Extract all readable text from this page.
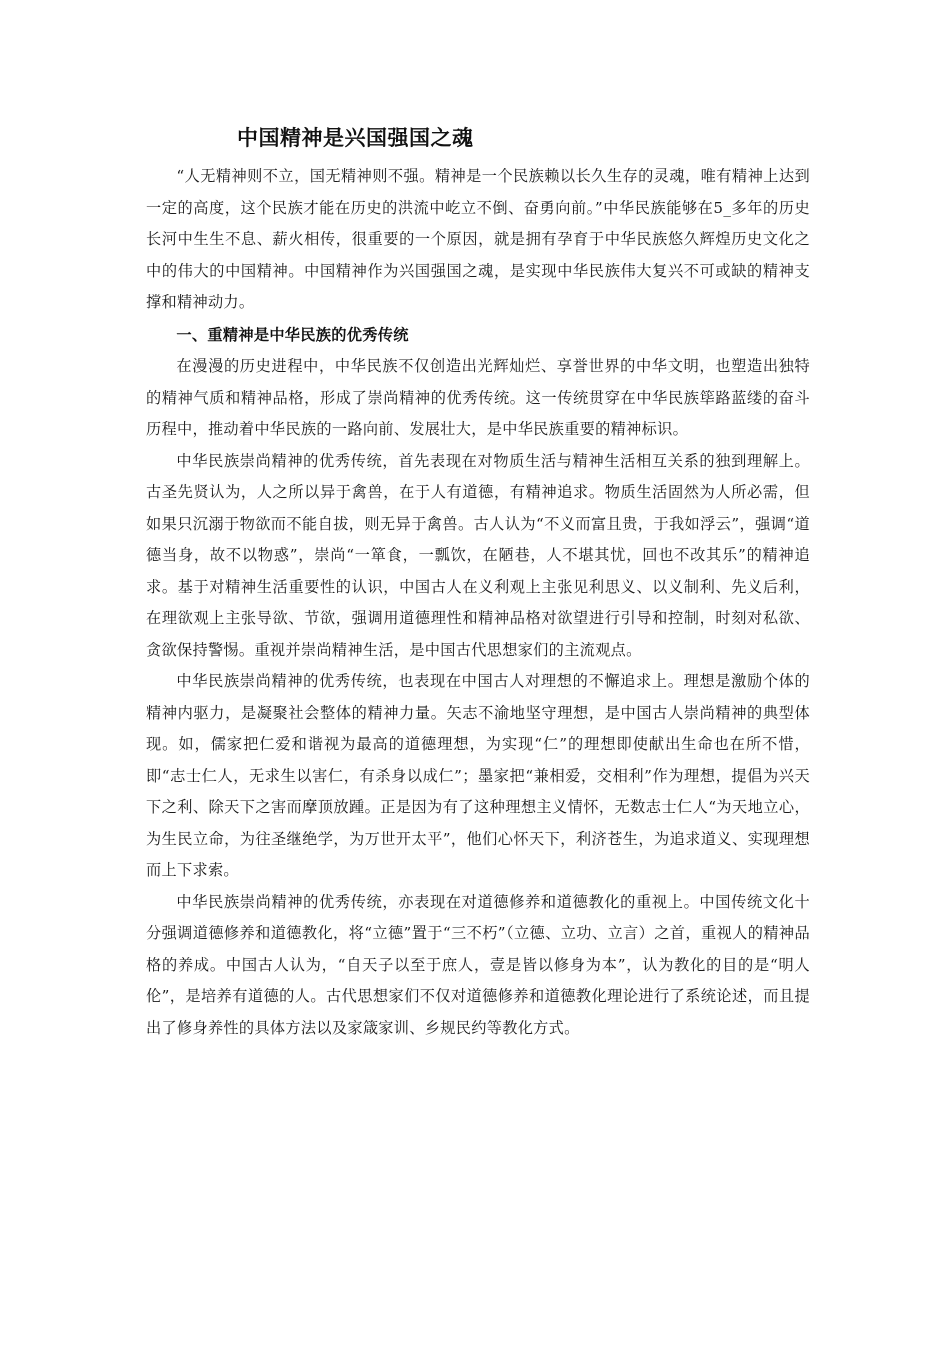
中国精神是兴国强国之魂

“人无精神则不立，国无精神则不强。精神是一个民族赖以长久生存的灵魂，唯有精神上达到一定的高度，这个民族才能在历史的洪流中屹立不倒、奋勇向前。”中华民族能够在5_多年的历史长河中生生不息、薪火相传，很重要的一个原因，就是拥有孕育于中华民族悠久辉煌历史文化之中的伟大的中国精神。中国精神作为兴国强国之魂，是实现中华民族伟大复兴不可或缺的精神支撑和精神动力。

一、重精神是中华民族的优秀传统

在漫漫的历史进程中，中华民族不仅创造出光辉灿烂、享誉世界的中华文明，也塑造出独特的精神气质和精神品格，形成了崇尚精神的优秀传统。这一传统贯穿在中华民族筚路蓝缕的奋斗历程中，推动着中华民族的一路向前、发展壮大，是中华民族重要的精神标识。

中华民族崇尚精神的优秀传统，首先表现在对物质生活与精神生活相互关系的独到理解上。古圣先贤认为，人之所以异于禽兽，在于人有道德，有精神追求。物质生活固然为人所必需，但如果只沉溺于物欲而不能自拔，则无异于禽兽。古人认为“不义而富且贵，于我如浮云”，强调“道德当身，故不以物惑”，崇尚“一箪食，一瓢饮，在陋巷，人不堪其忧，回也不改其乐”的精神追求。基于对精神生活重要性的认识，中国古人在义利观上主张见利思义、以义制利、先义后利，在理欲观上主张导欲、节欲，强调用道德理性和精神品格对欲望进行引导和控制，时刻对私欲、贪欲保持警惕。重视并崇尚精神生活，是中国古代思想家们的主流观点。

中华民族崇尚精神的优秀传统，也表现在中国古人对理想的不懈追求上。理想是激励个体的精神内驱力，是凝聚社会整体的精神力量。矢志不渝地坚守理想，是中国古人崇尚精神的典型体现。如，儒家把仁爱和谐视为最高的道德理想，为实现“仁”的理想即使献出生命也在所不惜，即“志士仁人，无求生以害仁，有杀身以成仁”；墨家把“兼相爱，交相利”作为理想，提倡为兴天下之利、除天下之害而摩顶放踵。正是因为有了这种理想主义情怀，无数志士仁人“为天地立心，为生民立命，为往圣继绝学，为万世开太平”，他们心怀天下，利济苍生，为追求道义、实现理想而上下求索。

中华民族崇尚精神的优秀传统，亦表现在对道德修养和道德教化的重视上。中国传统文化十分强调道德修养和道德教化，将“立德”置于“三不朽”（立德、立功、立言）之首，重视人的精神品格的养成。中国古人认为，“自天子以至于庶人，壹是皆以修身为本”，认为教化的目的是“明人伦”，是培养有道德的人。古代思想家们不仅对道德修养和道德教化理论进行了系统论述，而且提出了修身养性的具体方法以及家箴家训、乡规民约等教化方式。
